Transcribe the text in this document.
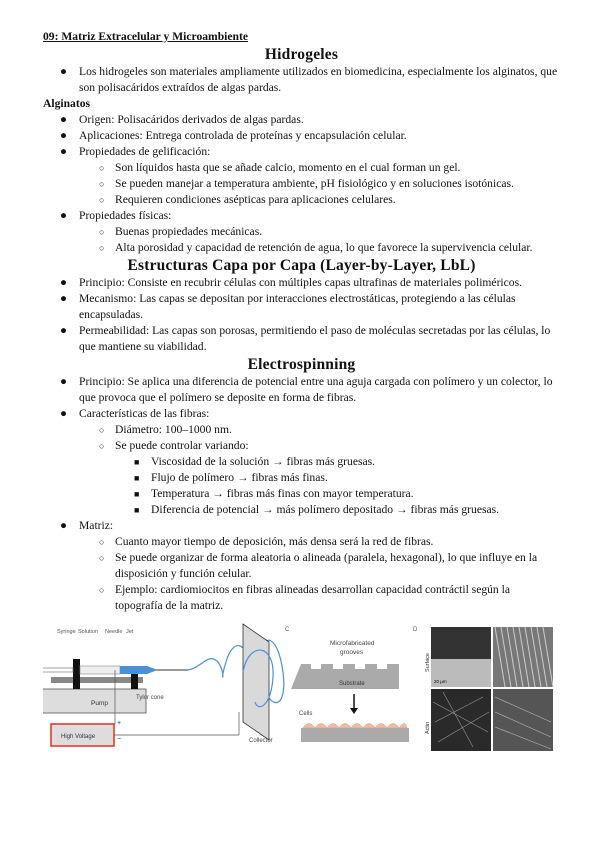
09: Matriz Extracelular y Microambiente
Hidrogeles
● Los hidrogeles son materiales ampliamente utilizados en biomedicina, especialmente los alginatos, que son polisacáridos extraídos de algas pardas.
Alginatos
● Origen: Polisacáridos derivados de algas pardas.
● Aplicaciones: Entrega controlada de proteínas y encapsulación celular.
● Propiedades de gelificación:
○ Son líquidos hasta que se añade calcio, momento en el cual forman un gel.
○ Se pueden manejar a temperatura ambiente, pH fisiológico y en soluciones isotónicas.
○ Requieren condiciones asépticas para aplicaciones celulares.
● Propiedades físicas:
○ Buenas propiedades mecánicas.
○ Alta porosidad y capacidad de retención de agua, lo que favorece la supervivencia celular.
Estructuras Capa por Capa (Layer-by-Layer, LbL)
● Principio: Consiste en recubrir células con múltiples capas ultrafinas de materiales poliméricos.
● Mecanismo: Las capas se depositan por interacciones electrostáticas, protegiendo a las células encapsuladas.
● Permeabilidad: Las capas son porosas, permitiendo el paso de moléculas secretadas por las células, lo que mantiene su viabilidad.
Electrospinning
● Principio: Se aplica una diferencia de potencial entre una aguja cargada con polímero y un colector, lo que provoca que el polímero se deposite en forma de fibras.
● Características de las fibras:
○ Diámetro: 100–1000 nm.
○ Se puede controlar variando:
■ Viscosidad de la solución → fibras más gruesas.
■ Flujo de polímero → fibras más finas.
■ Temperatura → fibras más finas con mayor temperatura.
■ Diferencia de potencial → más polímero depositado → fibras más gruesas.
● Matriz:
○ Cuanto mayor tiempo de deposición, más densa será la red de fibras.
○ Se puede organizar de forma aleatoria o alineada (paralela, hexagonal), lo que influye en la disposición y función celular.
○ Ejemplo: cardiomiocitos en fibras alineadas desarrollan capacidad contráctil según la topografía de la matriz.
Pump
Syringe Solution Needle Jet
Tylor cone
High Voltage
+
−	Collector
C
Microfabricated
grooves
Substrate
Cells
D
Surface
Actin
20 µm
